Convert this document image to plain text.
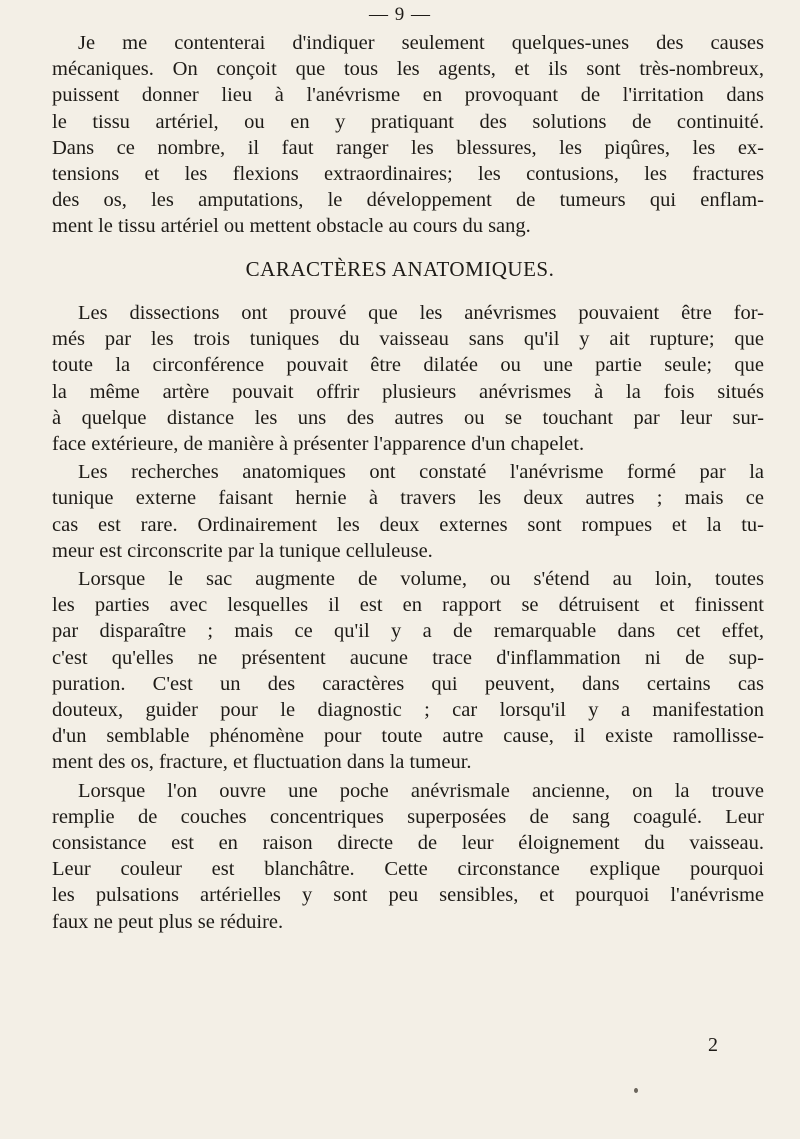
— 9 —
Je me contenterai d'indiquer seulement quelques-unes des causes
mécaniques. On conçoit que tous les agents, et ils sont très-nombreux,
puissent donner lieu à l'anévrisme en provoquant de l'irritation dans
le tissu artériel, ou en y pratiquant des solutions de continuité.
Dans ce nombre, il faut ranger les blessures, les piqûres, les ex-
tensions et les flexions extraordinaires; les contusions, les fractures
des os, les amputations, le développement de tumeurs qui enflam-
ment le tissu artériel ou mettent obstacle au cours du sang.
CARACTÈRES ANATOMIQUES.

Les dissections ont prouvé que les anévrismes pouvaient être for-
més par les trois tuniques du vaisseau sans qu'il y ait rupture; que
toute la circonférence pouvait être dilatée ou une partie seule; que
la même artère pouvait offrir plusieurs anévrismes à la fois situés
à quelque distance les uns des autres ou se touchant par leur sur-
face extérieure, de manière à présenter l'apparence d'un chapelet.

Les recherches anatomiques ont constaté l'anévrisme formé par la
tunique externe faisant hernie à travers les deux autres ; mais ce
cas est rare. Ordinairement les deux externes sont rompues et la tu-
meur est circonscrite par la tunique celluleuse.

Lorsque le sac augmente de volume, ou s'étend au loin, toutes
les parties avec lesquelles il est en rapport se détruisent et finissent
par disparaître ; mais ce qu'il y a de remarquable dans cet effet,
c'est qu'elles ne présentent aucune trace d'inflammation ni de sup-
puration. C'est un des caractères qui peuvent, dans certains cas
douteux, guider pour le diagnostic ; car lorsqu'il y a manifestation
d'un semblable phénomène pour toute autre cause, il existe ramollisse-
ment des os, fracture, et fluctuation dans la tumeur.

Lorsque l'on ouvre une poche anévrismale ancienne, on la trouve
remplie de couches concentriques superposées de sang coagulé. Leur
consistance est en raison directe de leur éloignement du vaisseau.
Leur couleur est blanchâtre. Cette circonstance explique pourquoi
les pulsations artérielles y sont peu sensibles, et pourquoi l'anévrisme
faux ne peut plus se réduire.

2
